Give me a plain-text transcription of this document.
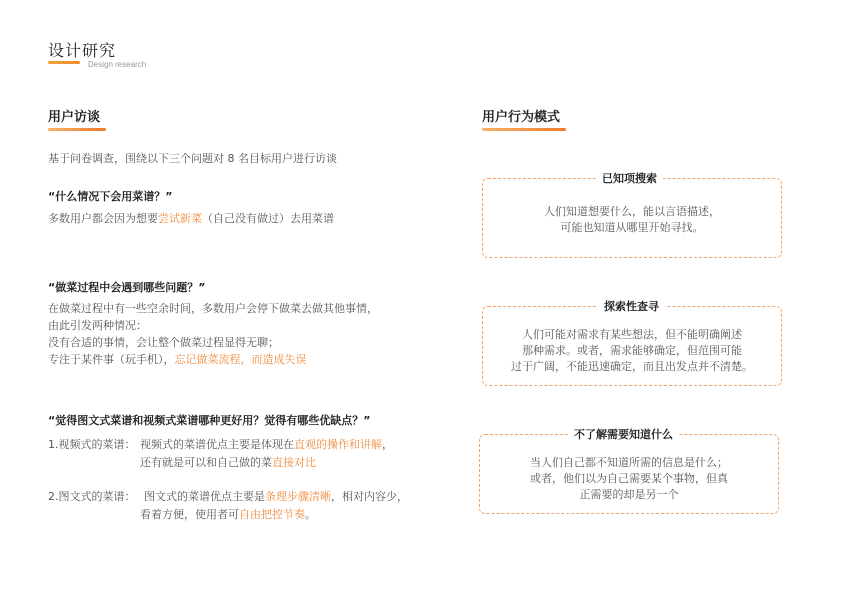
设计研究
Design research
用户访谈
基于问卷调查，围绕以下三个问题对 8 名目标用户进行访谈
“什么情况下会用菜谱？”
多数用户都会因为想要尝试新菜（自己没有做过）去用菜谱
“做菜过程中会遇到哪些问题？”
在做菜过程中有一些空余时间，多数用户会停下做菜去做其他事情，
由此引发两种情况：
没有合适的事情，会让整个做菜过程显得无聊；
专注于某件事（玩手机），忘记做菜流程，而造成失误
“觉得图文式菜谱和视频式菜谱哪种更好用？觉得有哪些优缺点？”
1.视频式的菜谱： 视频式的菜谱优点主要是体现在直观的操作和讲解，
还有就是可以和自己做的菜直接对比
2.图文式的菜谱： 图文式的菜谱优点主要是条理步骤清晰，相对内容少，
看着方便，使用者可自由把控节奏。
用户行为模式
已知项搜索
人们知道想要什么，能以言语描述，
可能也知道从哪里开始寻找。
探索性查寻
人们可能对需求有某些想法，但不能明确阐述
那种需求。或者，需求能够确定，但范围可能
过于广阔，不能迅速确定，而且出发点并不清楚。
不了解需要知道什么
当人们自己都不知道所需的信息是什么；
或者，他们以为自己需要某个事物，但真
正需要的却是另一个
